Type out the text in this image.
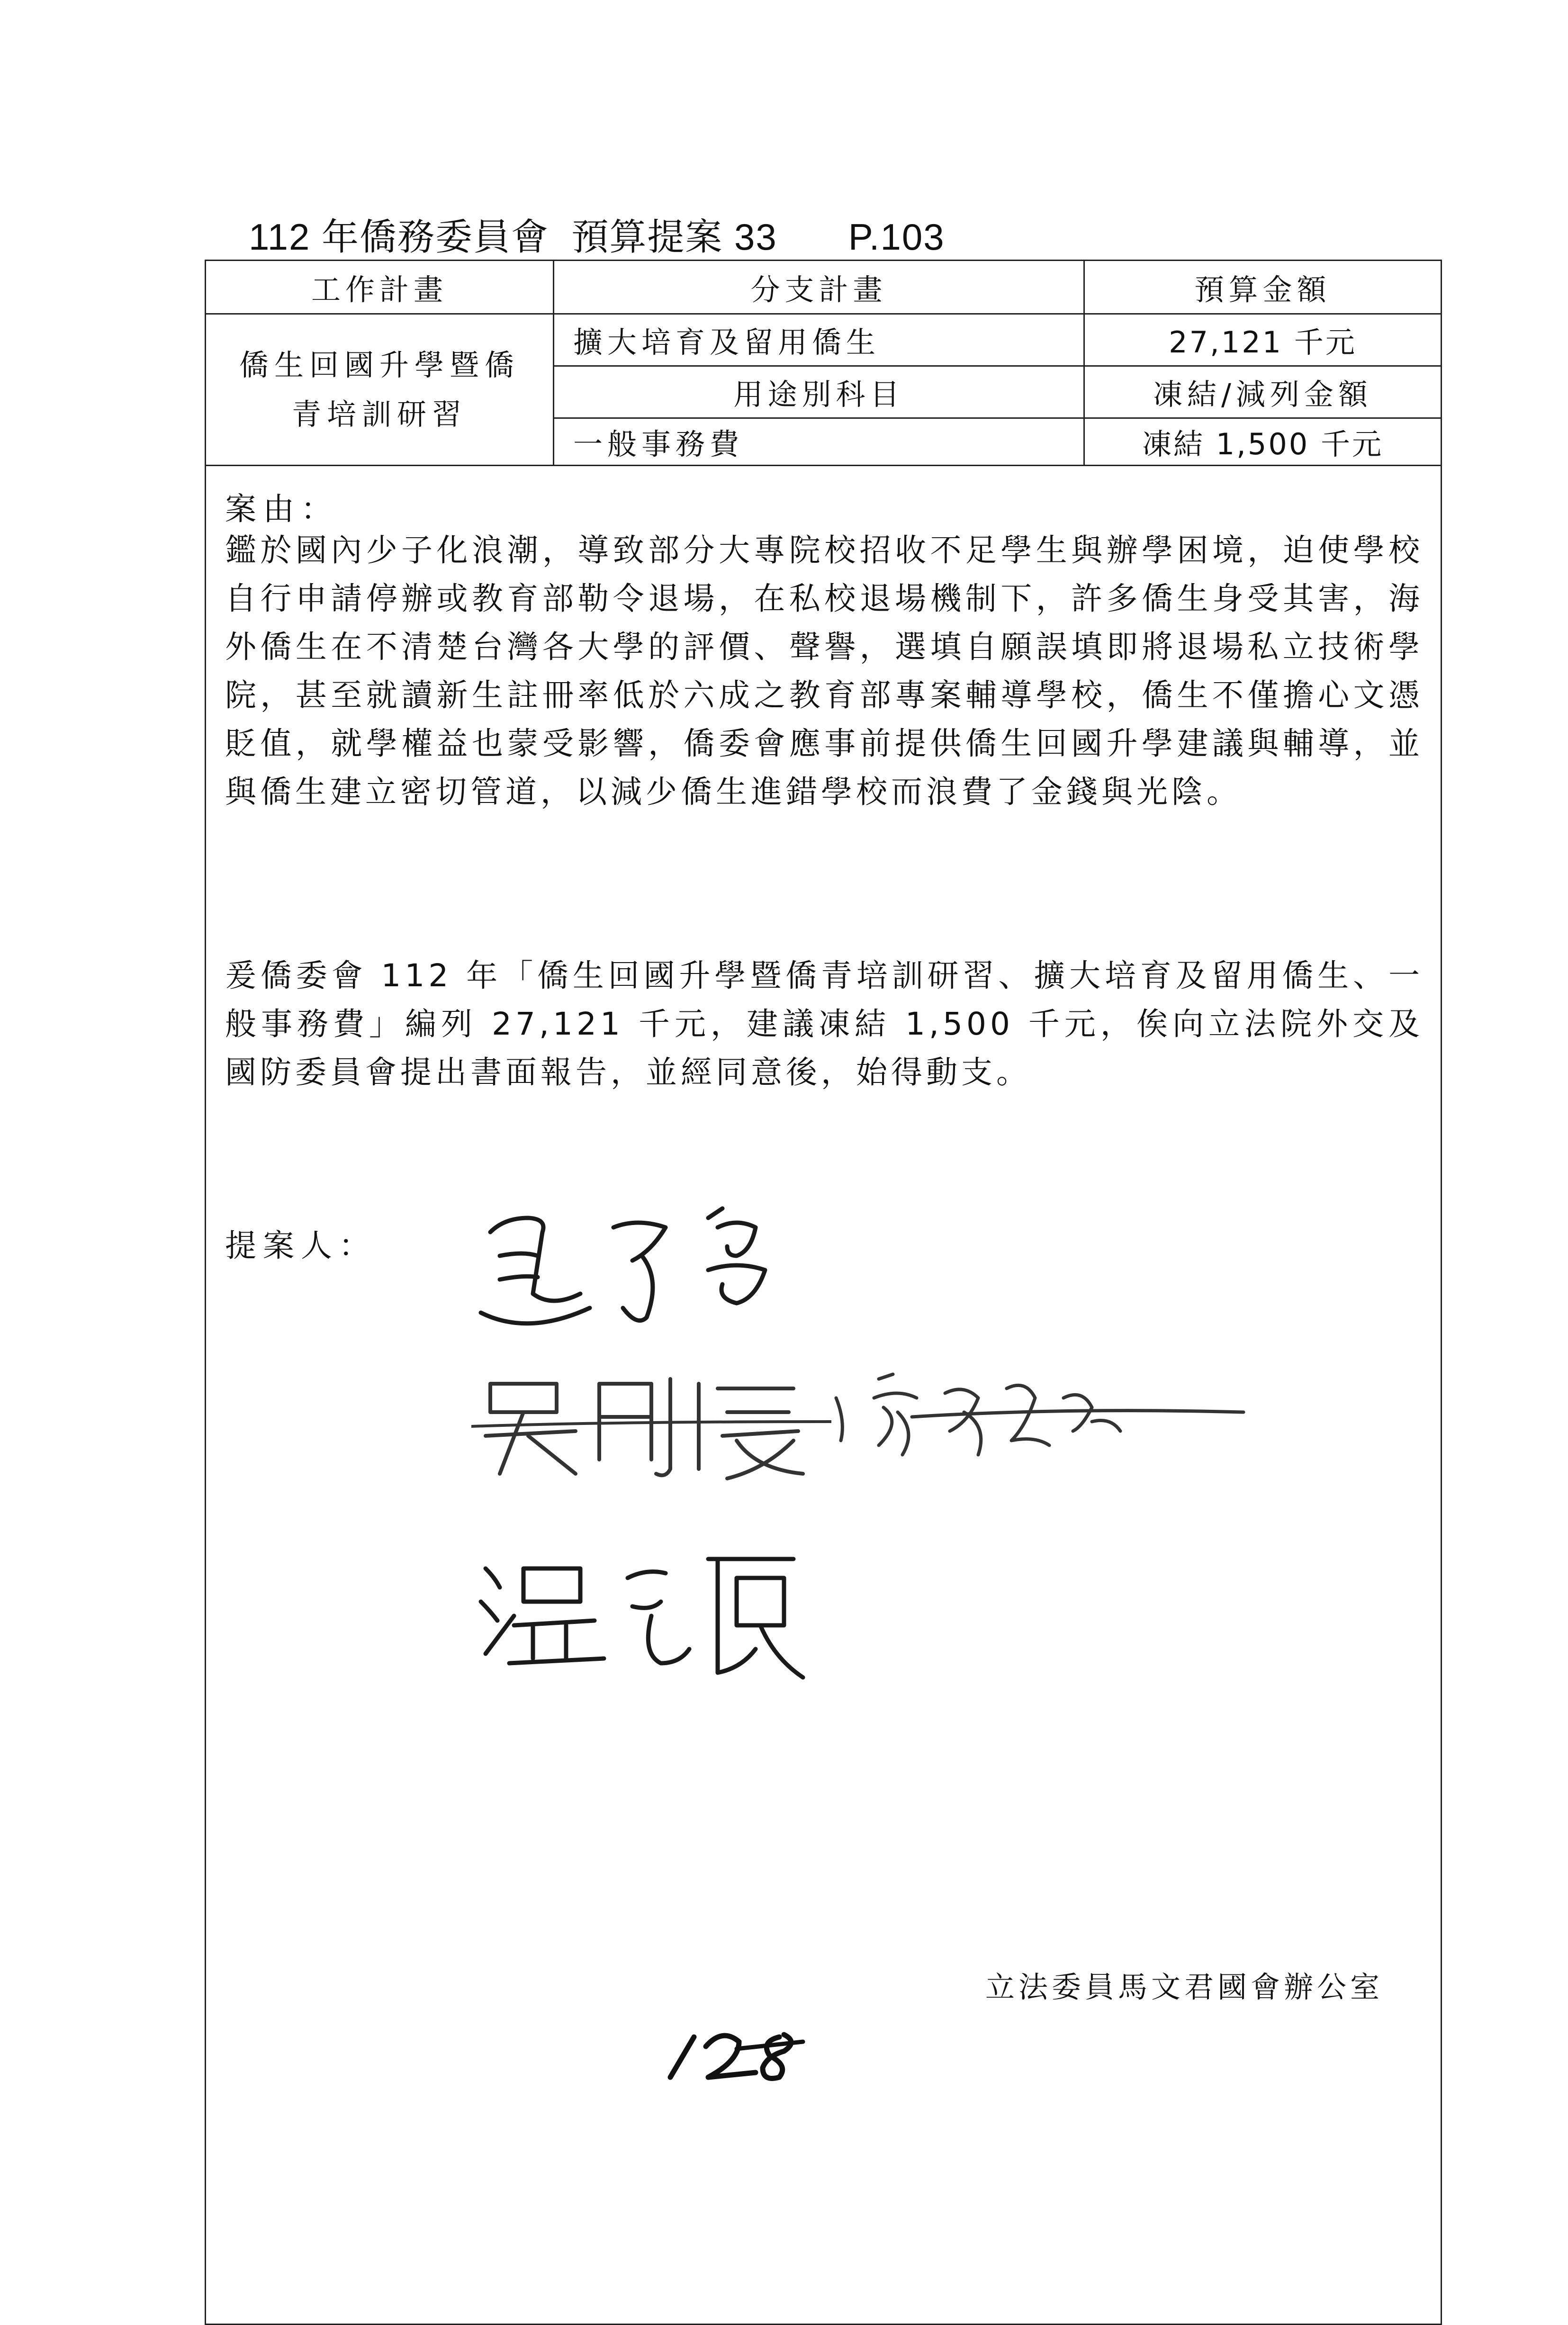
112 年僑務委員會  預算提案 33 P.103
工作計畫	分支計畫	預算金額
僑生回國升學暨僑
青培訓研習
擴大培育及留用僑生	27,121 千元
用途別科目	凍結/減列金額
一般事務費	凍結 1,500 千元
案由：
鑑於國內少子化浪潮，導致部分大專院校招收不足學生與辦學困境，迫使學校自行申請停辦或教育部勒令退場，在私校退場機制下，許多僑生身受其害，海外僑生在不清楚台灣各大學的評價、聲譽，選填自願誤填即將退場私立技術學院，甚至就讀新生註冊率低於六成之教育部專案輔導學校，僑生不僅擔心文憑貶值，就學權益也蒙受影響，僑委會應事前提供僑生回國升學建議與輔導，並與僑生建立密切管道，以減少僑生進錯學校而浪費了金錢與光陰。
爰僑委會 112 年「僑生回國升學暨僑青培訓研習、擴大培育及留用僑生、一般事務費」編列 27,121 千元，建議凍結 1,500 千元，俟向立法院外交及國防委員會提出書面報告，並經同意後，始得動支。
提案人：
立法委員馬文君國會辦公室
